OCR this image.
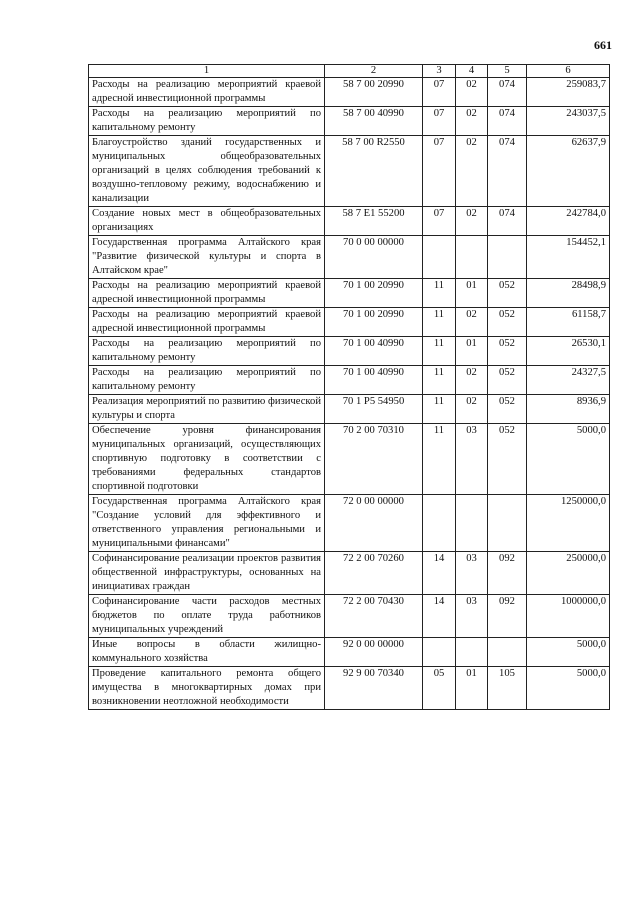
661
1	2	3	4	5	6
Расходы на реализацию мероприятий краевой адресной инвестиционной программы	58 7 00 20990	07	02	074	259083,7
Расходы на реализацию мероприятий по капитальному ремонту	58 7 00 40990	07	02	074	243037,5
Благоустройство зданий государственных и муниципальных общеобразовательных организаций в целях соблюдения требований к воздушно-тепловому режиму, водоснабжению и канализации	58 7 00 R2550	07	02	074	62637,9
Создание новых мест в общеобразовательных организациях	58 7 E1 55200	07	02	074	242784,0
Государственная программа Алтайского края "Развитие физической культуры и спорта в Алтайском крае"	70 0 00 00000				154452,1
Расходы на реализацию мероприятий краевой адресной инвестиционной программы	70 1 00 20990	11	01	052	28498,9
Расходы на реализацию мероприятий краевой адресной инвестиционной программы	70 1 00 20990	11	02	052	61158,7
Расходы на реализацию мероприятий по капитальному ремонту	70 1 00 40990	11	01	052	26530,1
Расходы на реализацию мероприятий по капитальному ремонту	70 1 00 40990	11	02	052	24327,5
Реализация мероприятий по развитию физической культуры и спорта	70 1 P5 54950	11	02	052	8936,9
Обеспечение уровня финансирования муниципальных организаций, осуществляющих спортивную подготовку в соответствии с требованиями федеральных стандартов спортивной подготовки	70 2 00 70310	11	03	052	5000,0
Государственная программа Алтайского края "Создание условий для эффективного и ответственного управления региональными и муниципальными финансами"	72 0 00 00000				1250000,0
Софинансирование реализации проектов развития общественной инфраструктуры, основанных на инициативах граждан	72 2 00 70260	14	03	092	250000,0
Софинансирование части расходов местных бюджетов по оплате труда работников муниципальных учреждений	72 2 00 70430	14	03	092	1000000,0
Иные вопросы в области жилищно-коммунального хозяйства	92 0 00 00000				5000,0
Проведение капитального ремонта общего имущества в многоквартирных домах при возникновении неотложной необходимости	92 9 00 70340	05	01	105	5000,0
